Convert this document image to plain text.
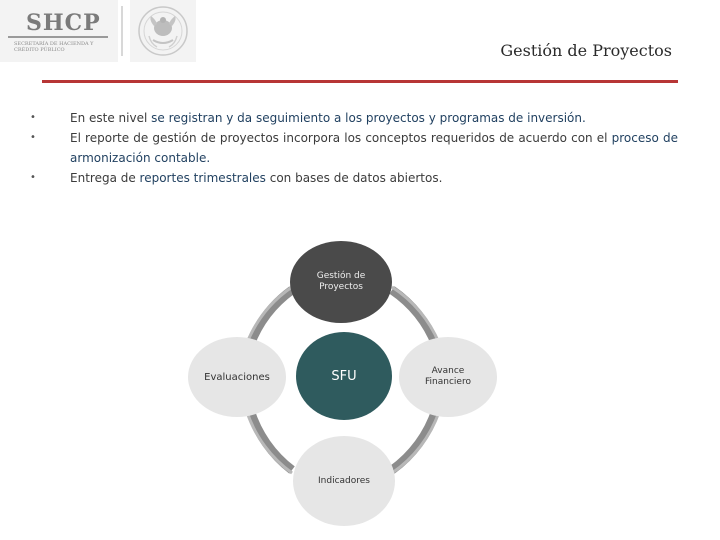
SHCP
SECRETARÍA DE HACIENDA Y CRÉDITO PÚBLICO	Gestión de Proyectos
•	En este nivel se registran y da seguimiento a los proyectos y programas de inversión.
•	El reporte de gestión de proyectos incorpora los conceptos requeridos de acuerdo con el proceso de armonización contable.
•	Entrega de reportes trimestrales con bases de datos abiertos.
Gestión de Proyectos
Evaluaciones
Avance Financiero
Indicadores
SFU
